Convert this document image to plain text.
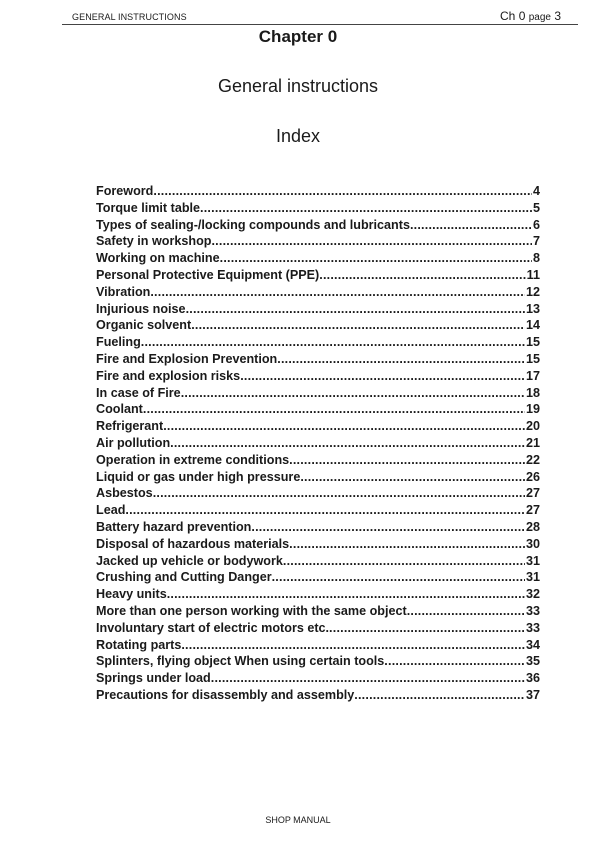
GENERAL INSTRUCTIONS	Ch 0 page 3
Chapter 0
General instructions
Index
Foreword .....	4
Torque limit table .....	5
Types of sealing-/locking compounds and lubricants .....	6
Safety in workshop .....	7
Working on machine .....	8
Personal Protective Equipment (PPE) .....	11
Vibration .....	12
Injurious noise .....	13
Organic solvent .....	14
Fueling .....	15
Fire and Explosion Prevention .....	15
Fire and explosion risks .....	17
In case of Fire .....	18
Coolant .....	19
Refrigerant .....	20
Air pollution .....	21
Operation in extreme conditions .....	22
Liquid or gas under high pressure .....	26
Asbestos .....	27
Lead .....	27
Battery hazard prevention .....	28
Disposal of hazardous materials .....	30
Jacked up vehicle or bodywork .....	31
Crushing and Cutting Danger .....	31
Heavy units .....	32
More than one person working with the same object .....	33
Involuntary start of electric motors etc. .....	33
Rotating parts .....	34
Splinters, flying object When using certain tools .....	35
Springs under load .....	36
Precautions for disassembly and assembly .....	37
SHOP MANUAL
